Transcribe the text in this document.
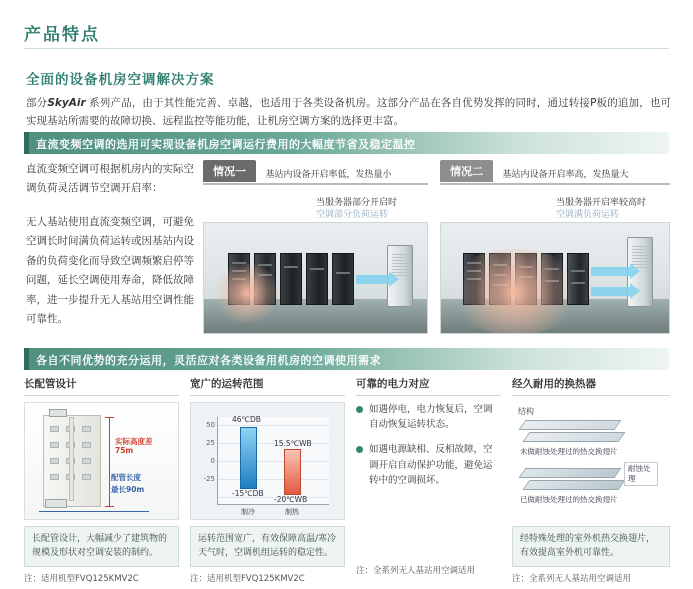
产品特点
全面的设备机房空调解决方案
部分SkyAir 系列产品，由于其性能完善、卓越，也适用于各类设备机房。这部分产品在各自优势发挥的同时，通过转接P板的追加，也可实现基站所需要的故障切换、远程监控等能功能，让机房空调方案的选择更丰富。
直流变频空调的选用可实现设备机房空调运行费用的大幅度节省及稳定温控

直流变频空调可根据机房内的实际空调负荷灵活调节空调开启率：

无人基站使用直流变频空调，可避免空调长时间满负荷运转或因基站内设备的负荷变化而导致空调频繁启停等问题，延长空调使用寿命，降低故障率，进一步提升无人基站用空调性能可靠性。

情况一 基站内设备开启率低，发热量小
当服务器部分开启时
空调部分负荷运转
情况二 基站内设备开启率高，发热量大
当服务器开启率较高时
空调满负荷运转
各自不同优势的充分运用，灵活应对各类设备用机房的空调使用需求
长配管设计
实际高度差 75m
配管长度
最长90m
长配管设计，大幅减少了建筑物的规模及形状对空调安装的制约。
注：适用机型FVQ125KMV2C
宽广的运转范围
50
25
0
-25
46℃DB
-15℃DB
15.5℃WB
-20℃WB
制冷	制热
运转范围宽广，有效保障高温/寒冷天气时，空调机组运转的稳定性。
注：适用机型FVQ125KMV2C
可靠的电力对应
如遇停电，电力恢复后，空调自动恢复运转状态。
如遇电源缺相、反相故障，空调开启自动保护功能，避免运转中的空调损坏。
注：全系列无人基站用空调适用
经久耐用的换热器
结构
未做耐蚀处理过的热交换翅片
已做耐蚀处理过的热交换翅片
耐蚀处理
经特殊处理的室外机热交换翅片，有效提高室外机可靠性。
注：全系列无人基站用空调适用
